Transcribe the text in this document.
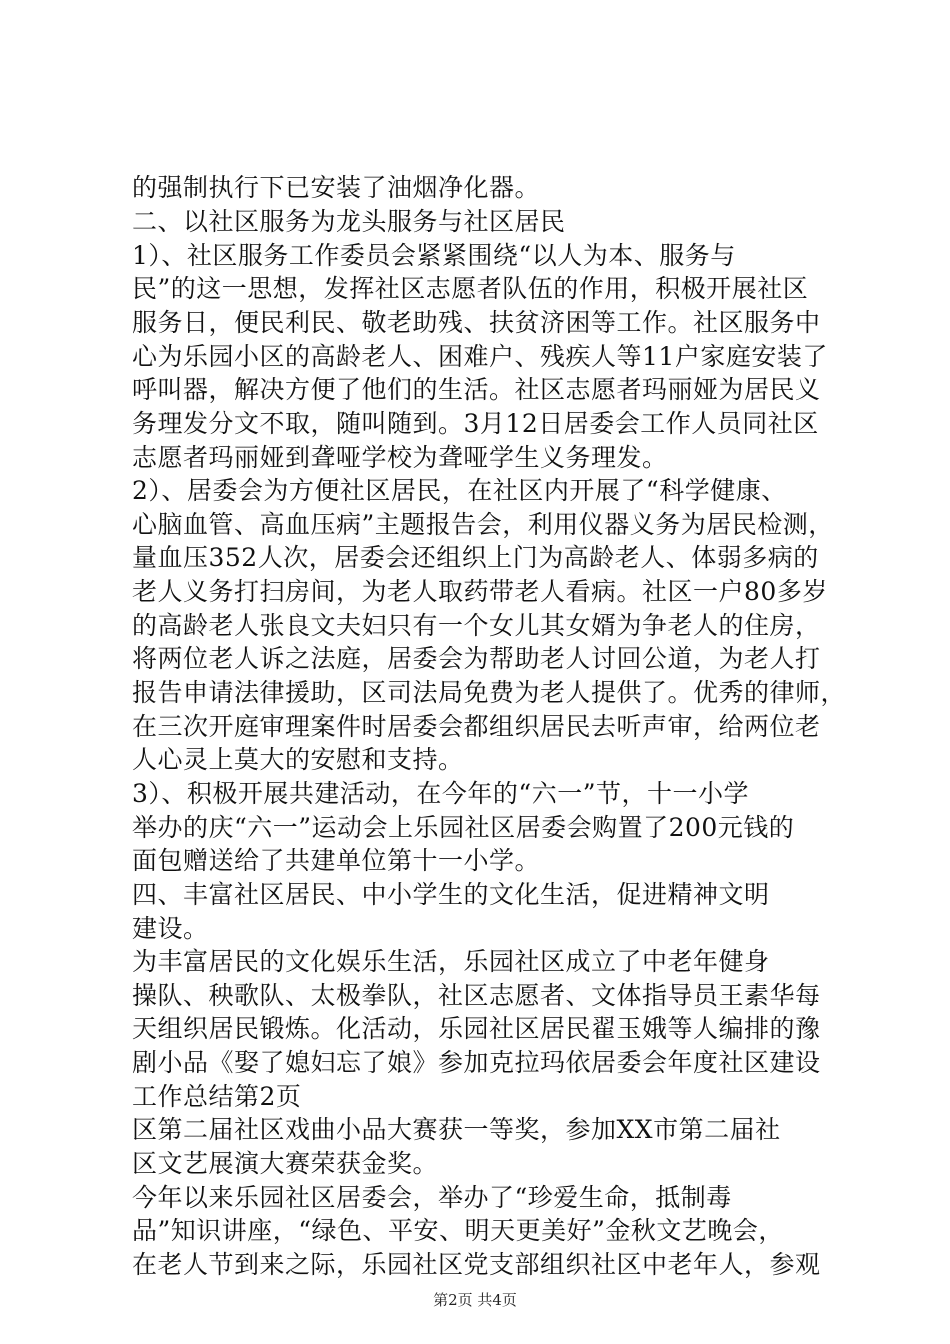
的强制执行下已安装了油烟净化器。
二、以社区服务为龙头服务与社区居民
1）、社区服务工作委员会紧紧围绕“以人为本、服务与
民”的这一思想，发挥社区志愿者队伍的作用，积极开展社区
服务日，便民利民、敬老助残、扶贫济困等工作。社区服务中
心为乐园小区的高龄老人、困难户、残疾人等11户家庭安装了
呼叫器，解决方便了他们的生活。社区志愿者玛丽娅为居民义
务理发分文不取，随叫随到。3月12日居委会工作人员同社区
志愿者玛丽娅到聋哑学校为聋哑学生义务理发。
2）、居委会为方便社区居民，在社区内开展了“科学健康、
心脑血管、高血压病”主题报告会，利用仪器义务为居民检测，
量血压352人次，居委会还组织上门为高龄老人、体弱多病的
老人义务打扫房间，为老人取药带老人看病。社区一户80多岁
的高龄老人张良文夫妇只有一个女儿其女婿为争老人的住房，
将两位老人诉之法庭，居委会为帮助老人讨回公道，为老人打
报告申请法律援助，区司法局免费为老人提供了。优秀的律师，
在三次开庭审理案件时居委会都组织居民去听声审，给两位老
人心灵上莫大的安慰和支持。
3）、积极开展共建活动，在今年的“六一”节，十一小学
举办的庆“六一”运动会上乐园社区居委会购置了200元钱的
面包赠送给了共建单位第十一小学。
四、丰富社区居民、中小学生的文化生活，促进精神文明
建设。
为丰富居民的文化娱乐生活，乐园社区成立了中老年健身
操队、秧歌队、太极拳队，社区志愿者、文体指导员王素华每
天组织居民锻炼。化活动，乐园社区居民翟玉娥等人编排的豫
剧小品《娶了媳妇忘了娘》参加克拉玛依居委会年度社区建设
工作总结第2页
区第二届社区戏曲小品大赛获一等奖，参加XX市第二届社
区文艺展演大赛荣获金奖。
今年以来乐园社区居委会，举办了“珍爱生命，抵制毒
品”知识讲座，“绿色、平安、明天更美好”金秋文艺晚会，
第2页 共4页
在老人节到来之际，乐园社区党支部组织社区中老年人，参观
